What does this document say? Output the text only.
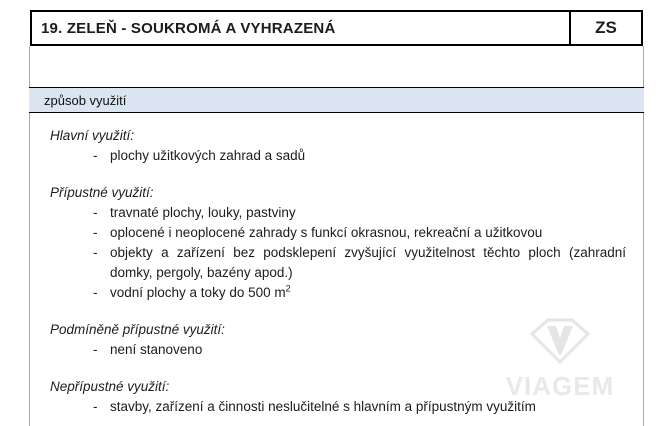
19. ZELEŇ - SOUKROMÁ A VYHRAZENÁ	ZS
způsob využití
VIAGEM
Hlavní využití:
- plochy užitkových zahrad a sadů
Přípustné využití:
- travnaté plochy, louky, pastviny
- oplocené i neoplocené zahrady s funkcí okrasnou, rekreační a užitkovou
- objekty a zařízení bez podsklepení zvyšující využitelnost těchto ploch (zahradní domky, pergoly, bazény apod.)
- vodní plochy a toky do 500 $m^2$
Podmíněně přípustné využití:
- není stanoveno
Nepřípustné využití:
- stavby, zařízení a činnosti neslučitelné s hlavním a přípustným využitím
